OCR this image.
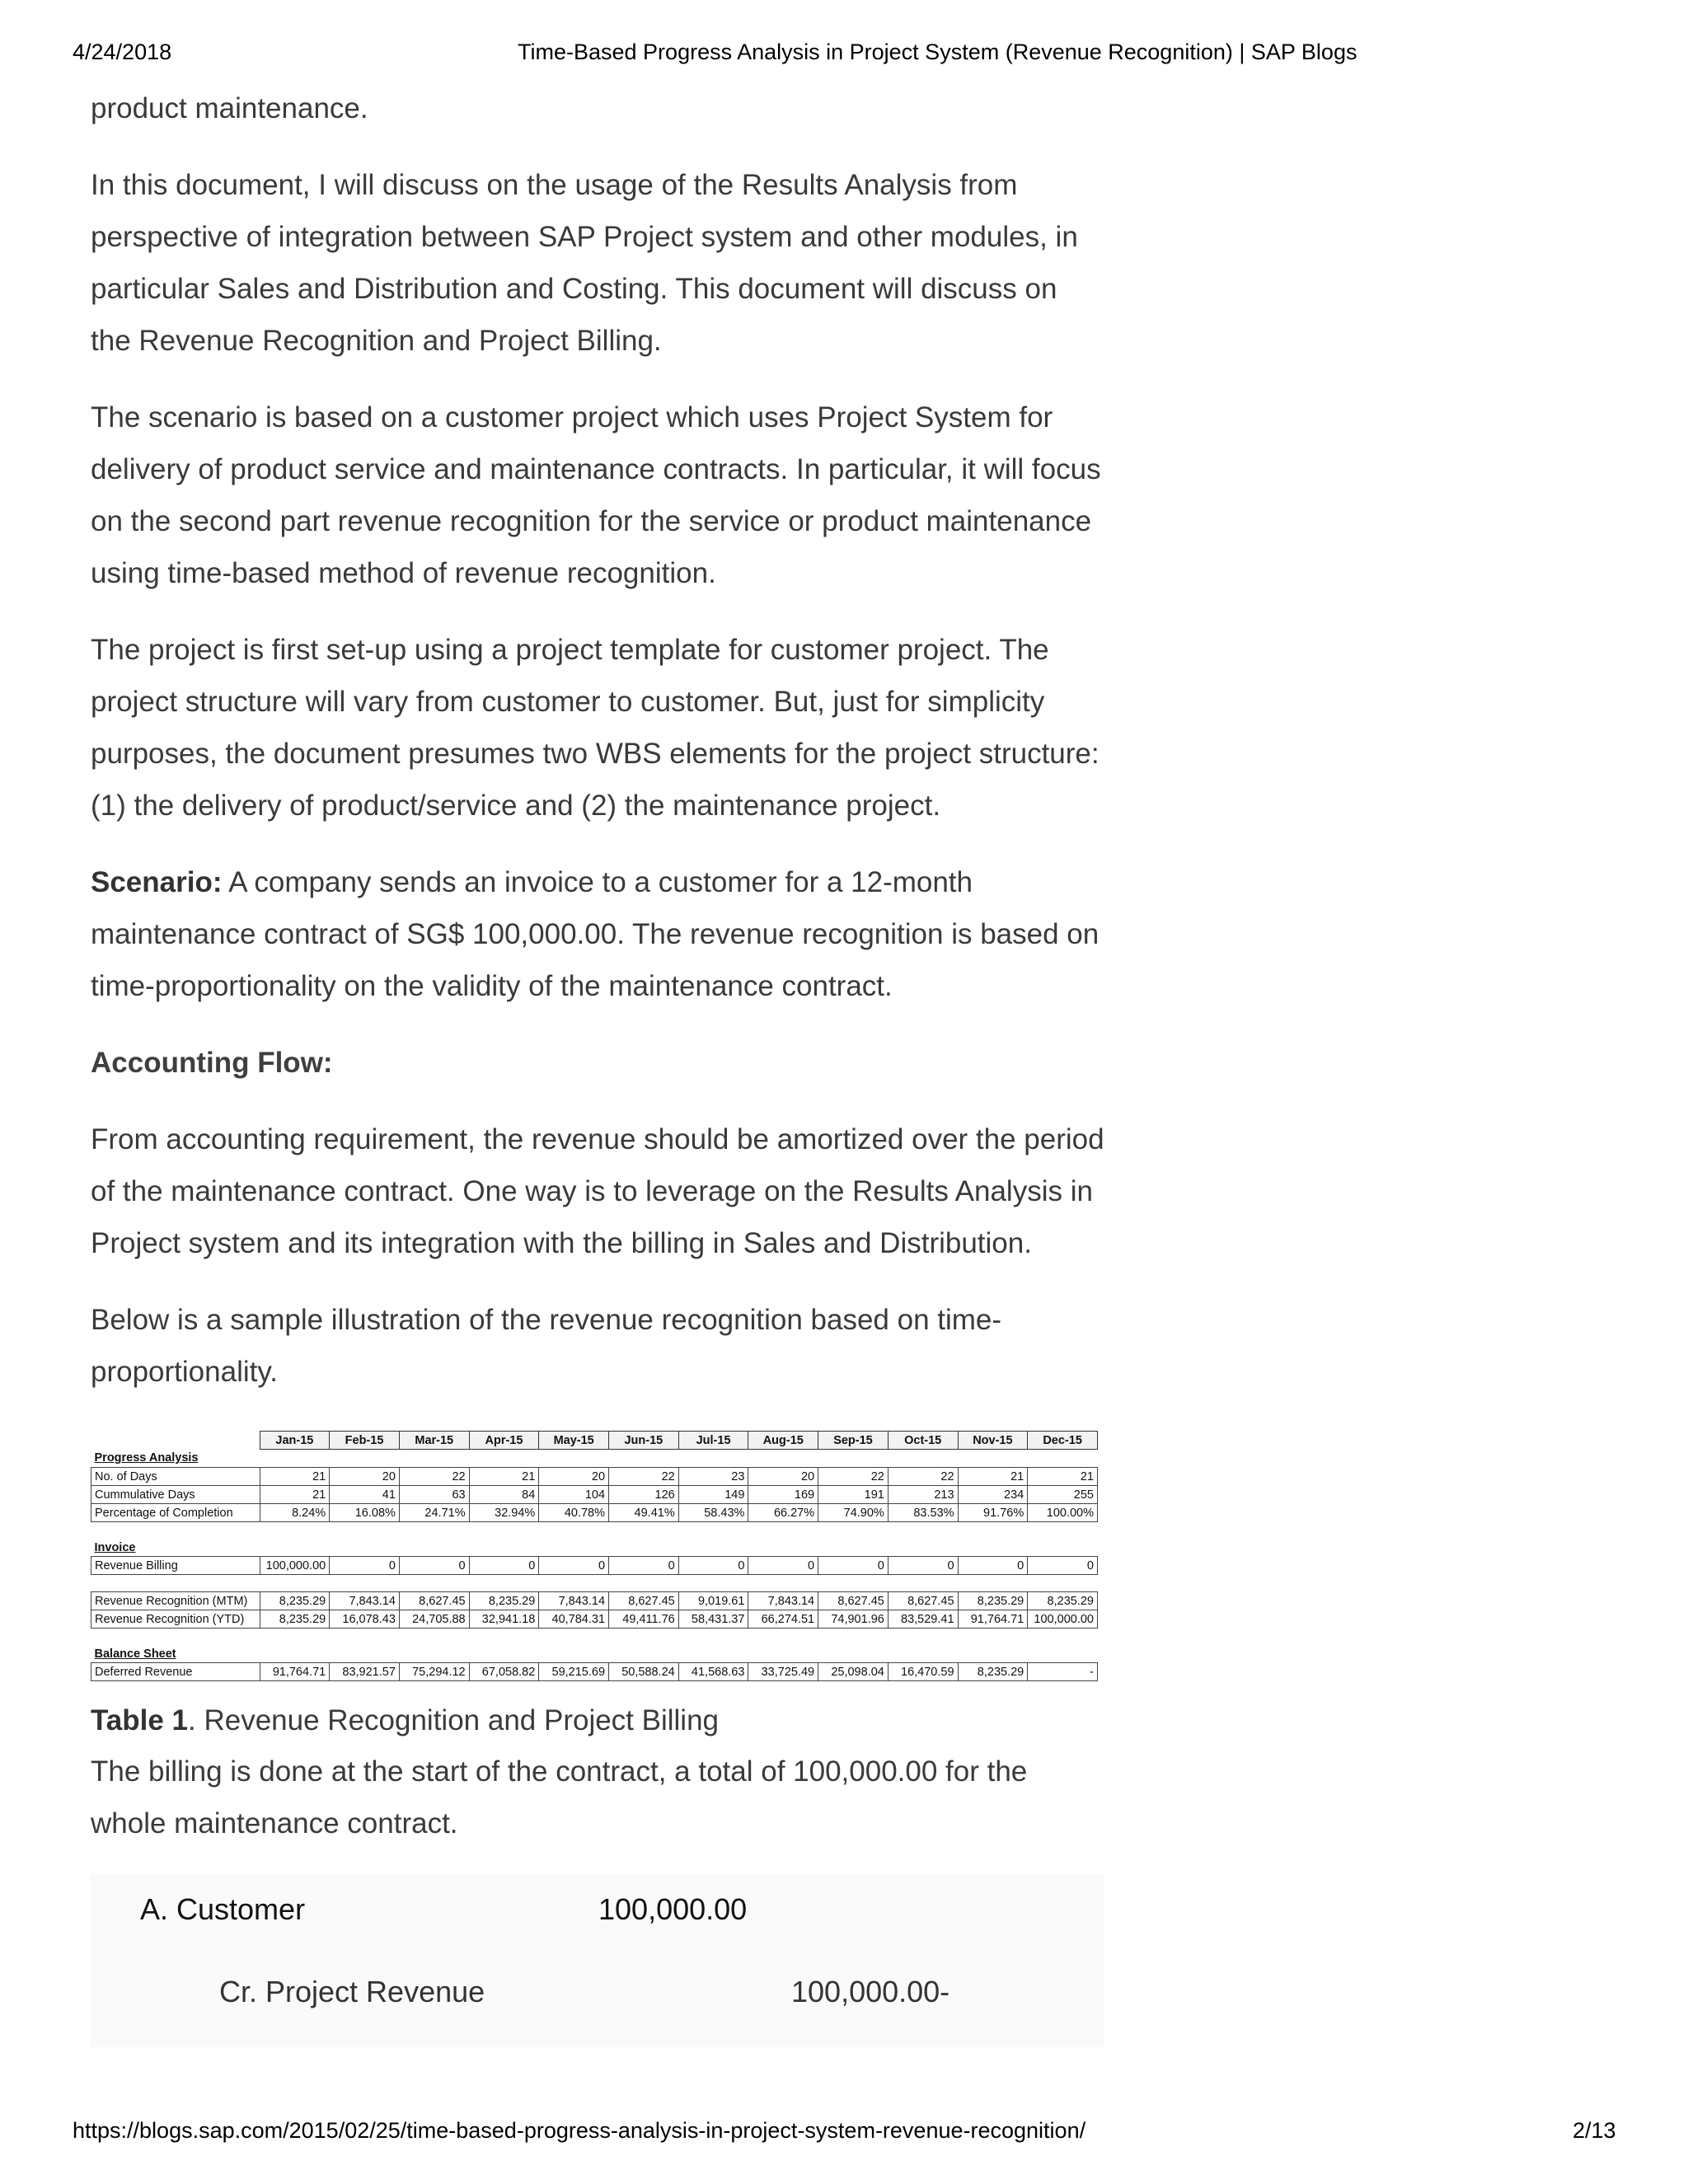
4/24/2018	Time-Based Progress Analysis in Project System (Revenue Recognition) | SAP Blogs

product maintenance.

In this document, I will discuss on the usage of the Results Analysis from perspective of integration between SAP Project system and other modules, in particular Sales and Distribution and Costing. This document will discuss on the Revenue Recognition and Project Billing.

The scenario is based on a customer project which uses Project System for delivery of product service and maintenance contracts. In particular, it will focus on the second part revenue recognition for the service or product maintenance using time-based method of revenue recognition.

The project is first set-up using a project template for customer project. The project structure will vary from customer to customer. But, just for simplicity purposes, the document presumes two WBS elements for the project structure: (1) the delivery of product/service and (2) the maintenance project.

Scenario: A company sends an invoice to a customer for a 12-month maintenance contract of SG$ 100,000.00. The revenue recognition is based on time-proportionality on the validity of the maintenance contract.

Accounting Flow:

From accounting requirement, the revenue should be amortized over the period of the maintenance contract. One way is to leverage on the Results Analysis in Project system and its integration with the billing in Sales and Distribution.

Below is a sample illustration of the revenue recognition based on time-proportionality.

	Jan-15	Feb-15	Mar-15	Apr-15	May-15	Jun-15	Jul-15	Aug-15	Sep-15	Oct-15	Nov-15	Dec-15
Progress Analysis												
No. of Days	21	20	22	21	20	22	23	20	22	22	21	21
Cummulative Days	21	41	63	84	104	126	149	169	191	213	234	255
Percentage of Completion	8.24%	16.08%	24.71%	32.94%	40.78%	49.41%	58.43%	66.27%	74.90%	83.53%	91.76%	100.00%

Invoice												
Revenue Billing	100,000.00	0	0	0	0	0	0	0	0	0	0	0

Revenue Recognition (MTM)	8,235.29	7,843.14	8,627.45	8,235.29	7,843.14	8,627.45	9,019.61	7,843.14	8,627.45	8,627.45	8,235.29	8,235.29
Revenue Recognition (YTD)	8,235.29	16,078.43	24,705.88	32,941.18	40,784.31	49,411.76	58,431.37	66,274.51	74,901.96	83,529.41	91,764.71	100,000.00

Balance Sheet												
Deferred Revenue	91,764.71	83,921.57	75,294.12	67,058.82	59,215.69	50,588.24	41,568.63	33,725.49	25,098.04	16,470.59	8,235.29	-

Table 1. Revenue Recognition and Project Billing

The billing is done at the start of the contract, a total of 100,000.00 for the whole maintenance contract.

A. Customer	100,000.00
Cr. Project Revenue	100,000.00-
https://blogs.sap.com/2015/02/25/time-based-progress-analysis-in-project-system-revenue-recognition/	2/13
